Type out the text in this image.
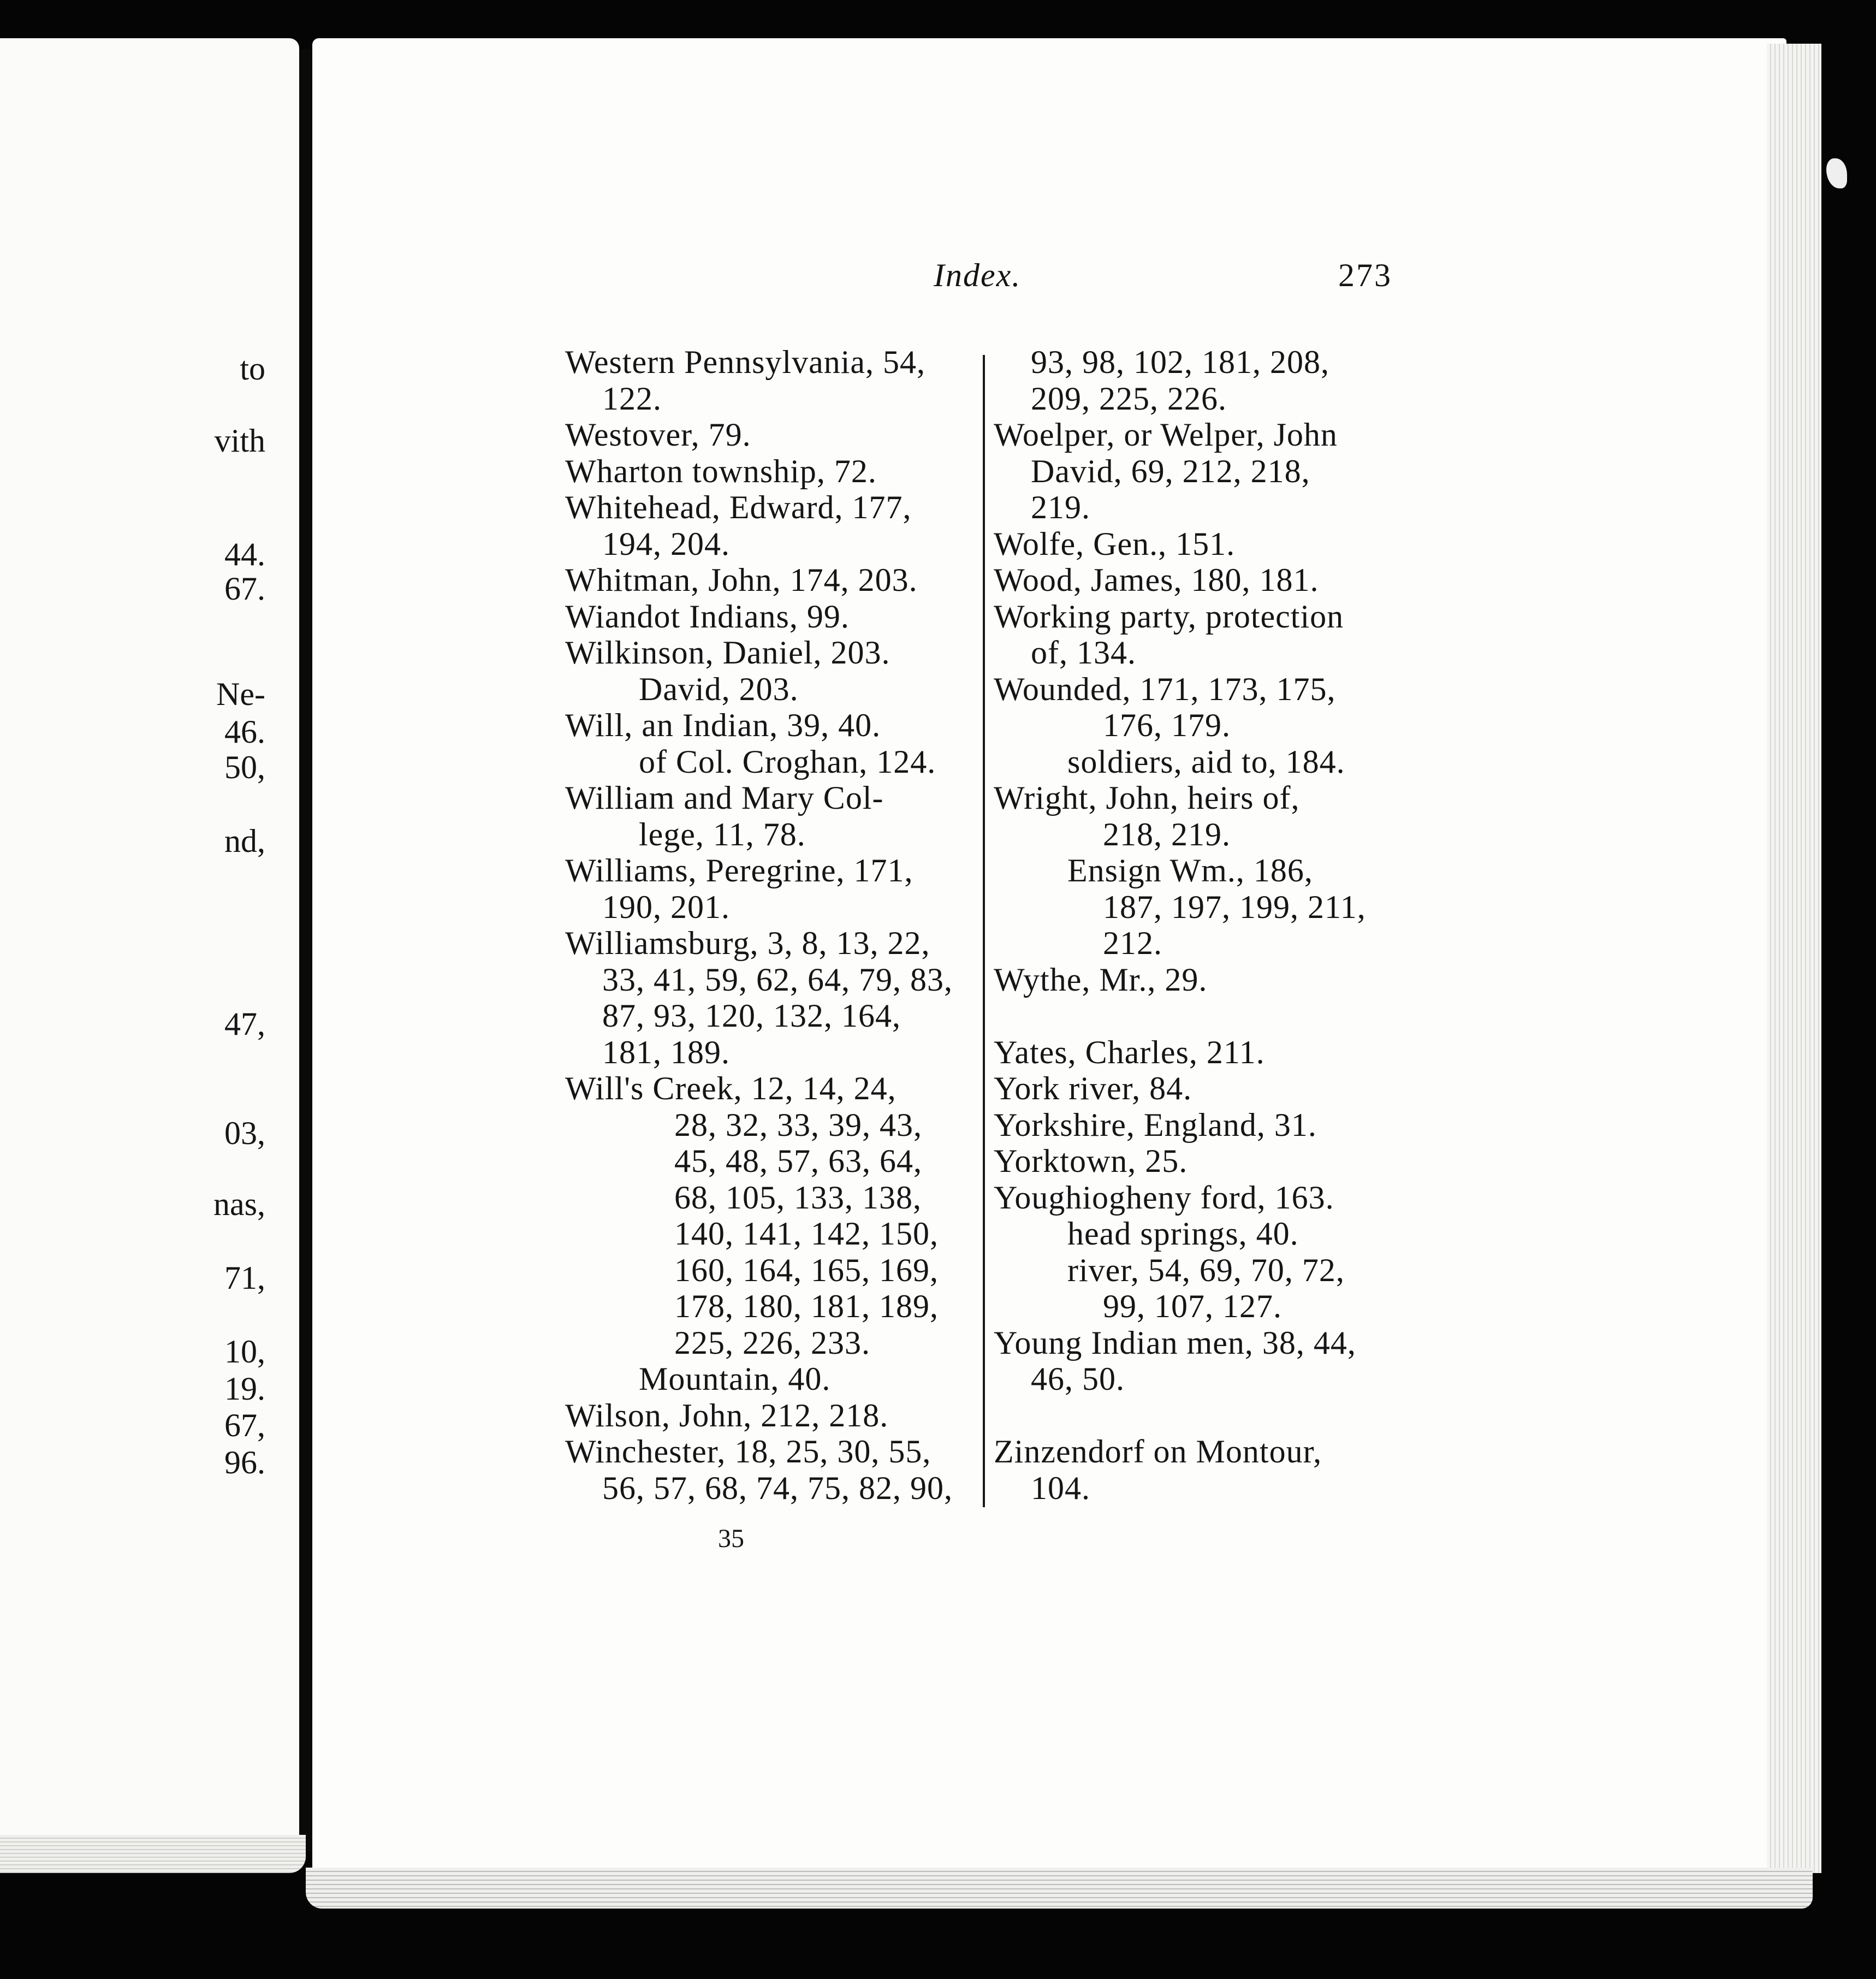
to
vith
44.
67.
Ne-
46.
50,
nd,
47,
03,
nas,
71,
10,
19.
67,
96.
Index.	273
Western Pennsylvania, 54,
122.
Westover, 79.
Wharton township, 72.
Whitehead, Edward, 177,
194, 204.
Whitman, John, 174, 203.
Wiandot Indians, 99.
Wilkinson, Daniel, 203.
David, 203.
Will, an Indian, 39, 40.
of Col. Croghan, 124.
William and Mary Col-
lege, 11, 78.
Williams, Peregrine, 171,
190, 201.
Williamsburg, 3, 8, 13, 22,
33, 41, 59, 62, 64, 79, 83,
87, 93, 120, 132, 164,
181, 189.
Will's Creek, 12, 14, 24,
28, 32, 33, 39, 43,
45, 48, 57, 63, 64,
68, 105, 133, 138,
140, 141, 142, 150,
160, 164, 165, 169,
178, 180, 181, 189,
225, 226, 233.
Mountain, 40.
Wilson, John, 212, 218.
Winchester, 18, 25, 30, 55,
56, 57, 68, 74, 75, 82, 90,
93, 98, 102, 181, 208,
209, 225, 226.
Woelper, or Welper, John
David, 69, 212, 218,
219.
Wolfe, Gen., 151.
Wood, James, 180, 181.
Working party, protection
of, 134.
Wounded, 171, 173, 175,
176, 179.
soldiers, aid to, 184.
Wright, John, heirs of,
218, 219.
Ensign Wm., 186,
187, 197, 199, 211,
212.
Wythe, Mr., 29.
Yates, Charles, 211.
York river, 84.
Yorkshire, England, 31.
Yorktown, 25.
Youghiogheny ford, 163.
head springs, 40.
river, 54, 69, 70, 72,
99, 107, 127.
Young Indian men, 38, 44,
46, 50.
Zinzendorf on Montour,
104.
35
